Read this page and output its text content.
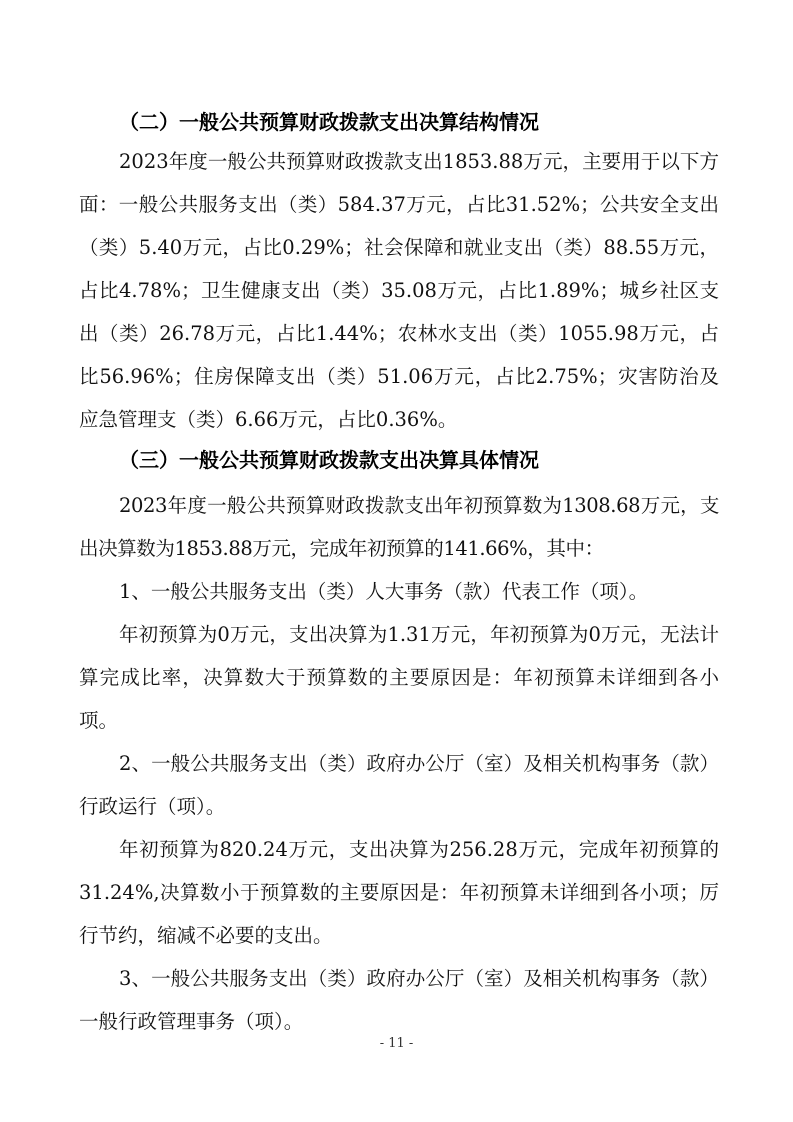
（二）一般公共预算财政拨款支出决算结构情况
2023年度一般公共预算财政拨款支出1853.88万元，主要用于以下方面：一般公共服务支出（类）584.37万元，占比31.52%；公共安全支出（类）5.40万元，占比0.29%；社会保障和就业支出（类）88.55万元，占比4.78%；卫生健康支出（类）35.08万元，占比1.89%；城乡社区支出（类）26.78万元，占比1.44%；农林水支出（类）1055.98万元，占比56.96%；住房保障支出（类）51.06万元，占比2.75%；灾害防治及应急管理支（类）6.66万元，占比0.36%。
（三）一般公共预算财政拨款支出决算具体情况
2023年度一般公共预算财政拨款支出年初预算数为1308.68万元，支出决算数为1853.88万元，完成年初预算的141.66%，其中：
1、一般公共服务支出（类）人大事务（款）代表工作（项）。
年初预算为0万元，支出决算为1.31万元，年初预算为0万元，无法计算完成比率，决算数大于预算数的主要原因是：年初预算未详细到各小项。
2、一般公共服务支出（类）政府办公厅（室）及相关机构事务（款）行政运行（项）。
年初预算为820.24万元，支出决算为256.28万元，完成年初预算的31.24%,决算数小于预算数的主要原因是：年初预算未详细到各小项；厉行节约，缩减不必要的支出。
3、一般公共服务支出（类）政府办公厅（室）及相关机构事务（款）一般行政管理事务（项）。
- 11 -
